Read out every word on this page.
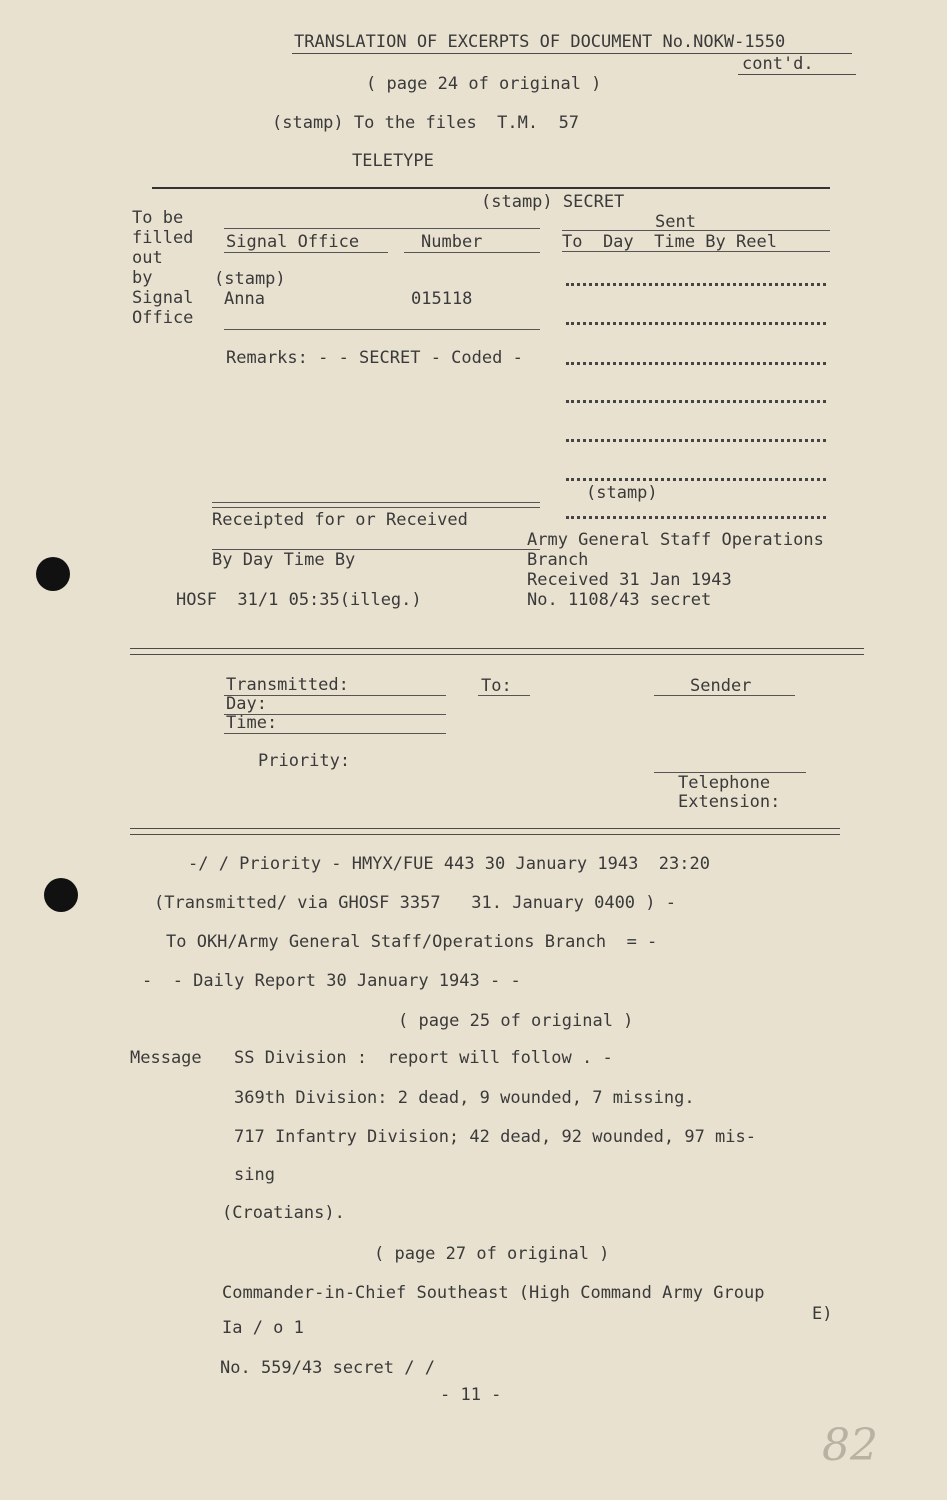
TRANSLATION OF EXCERPTS OF DOCUMENT No.NOKW-1550
cont'd.
( page 24 of original )
(stamp) To the files  T.M.  57
TELETYPE
(stamp) SECRET
To be
filled
out
by
Signal
Office
Signal Office	Number
Sent
To  Day  Time By Reel
(stamp)
Anna	015118
Remarks: - - SECRET - Coded -
(stamp)
Receipted for or Received
By Day Time By
HOSF  31/1 05:35(illeg.)
Army General Staff Operations
Branch
Received 31 Jan 1943
No. 1108/43 secret
Transmitted:
Day:
Time:
To:	Sender
Priority:
Telephone
Extension:
-/ / Priority - HMYX/FUE 443 30 January 1943  23:20
(Transmitted/ via GHOSF 3357   31. January 0400 ) -
To OKH/Army General Staff/Operations Branch  = -
-  - Daily Report 30 January 1943 - -
( page 25 of original )
Message SS Division :  report will follow . -
369th Division: 2 dead, 9 wounded, 7 missing.
717 Infantry Division; 42 dead, 92 wounded, 97 mis-
sing
(Croatians).
( page 27 of original )
Commander-in-Chief Southeast (High Command Army Group
E)
Ia / o 1
No. 559/43 secret / /
- 11 -
82
